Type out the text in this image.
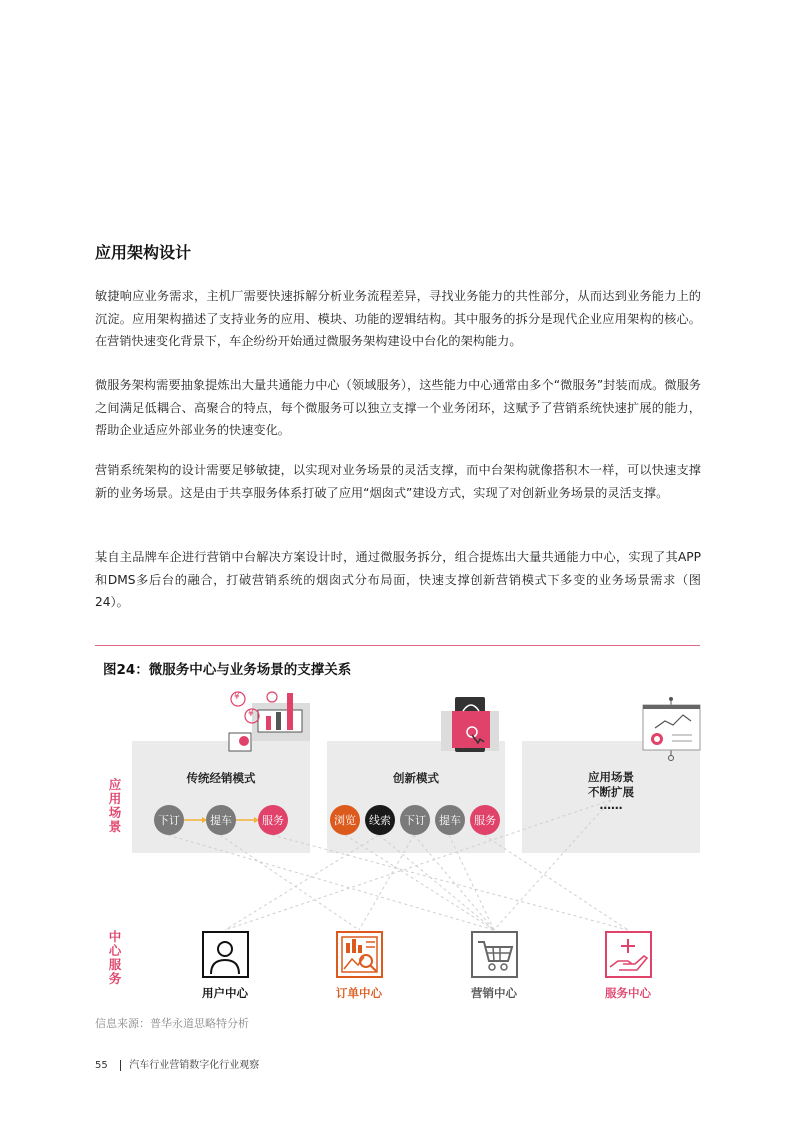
应用架构设计
敏捷响应业务需求，主机厂需要快速拆解分析业务流程差异，寻找业务能力的共性部分，从而达到业务能力上的沉淀。应用架构描述了支持业务的应用、模块、功能的逻辑结构。其中服务的拆分是现代企业应用架构的核心。在营销快速变化背景下，车企纷纷开始通过微服务架构建设中台化的架构能力。
微服务架构需要抽象提炼出大量共通能力中心（领域服务），这些能力中心通常由多个“微服务”封装而成。微服务之间满足低耦合、高聚合的特点，每个微服务可以独立支撑一个业务闭环，这赋予了营销系统快速扩展的能力，帮助企业适应外部业务的快速变化。
营销系统架构的设计需要足够敏捷，以实现对业务场景的灵活支撑，而中台架构就像搭积木一样，可以快速支撑新的业务场景。这是由于共享服务体系打破了应用“烟囱式”建设方式，实现了对创新业务场景的灵活支撑。
某自主品牌车企进行营销中台解决方案设计时，通过微服务拆分，组合提炼出大量共通能力中心，实现了其APP和DMS多后台的融合，打破营销系统的烟囱式分布局面，快速支撑创新营销模式下多变的业务场景需求（图24）。
图24：微服务中心与业务场景的支撑关系
传统经销模式	创新模式	应用场景
不断扩展
……
下订	提车	服务	浏览	线索	下订	提车	服务
¥
¥
应用场景
中心服务
用户中心	订单中心	营销中心	服务中心
信息来源：普华永道思略特分析
55 汽车行业营销数字化行业观察
